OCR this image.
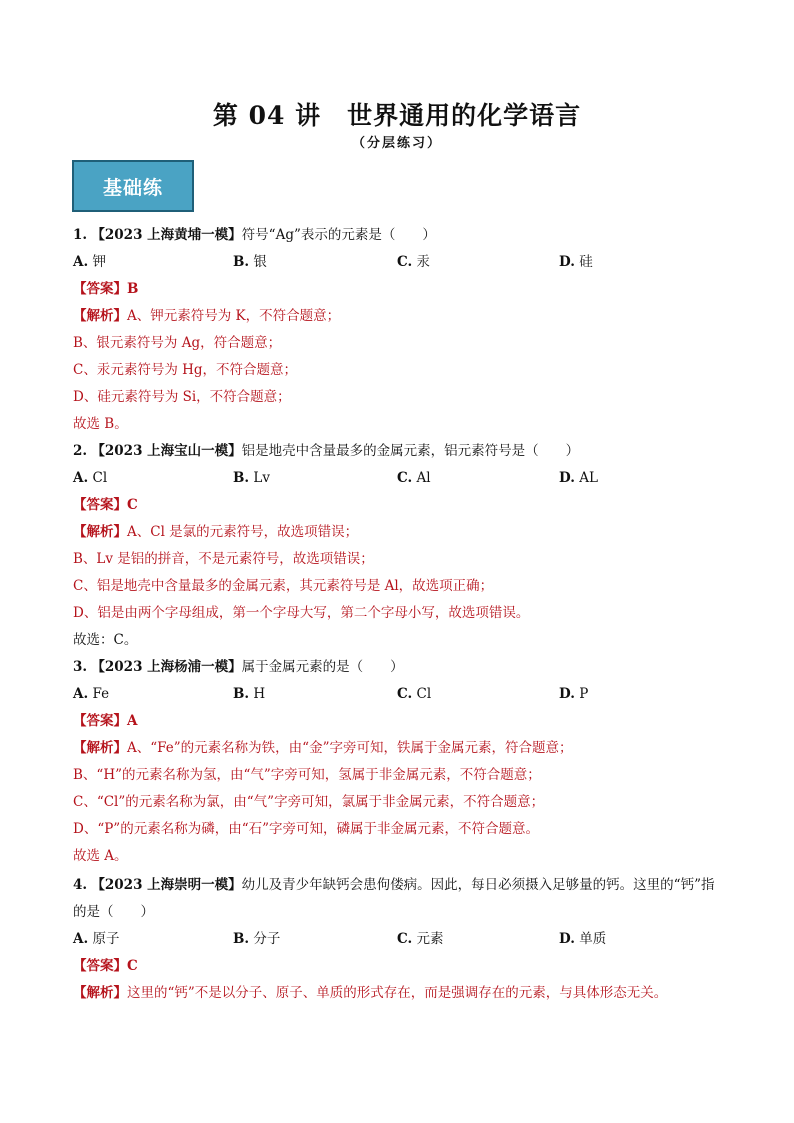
第 04 讲　世界通用的化学语言
（分层练习）
基础练
1. 【2023 上海黄埔一模】符号“Ag”表示的元素是（　　）
A. 钾	B. 银	C. 汞	D. 硅
【答案】B
【解析】A、钾元素符号为 K，不符合题意；
B、银元素符号为 Ag，符合题意；
C、汞元素符号为 Hg，不符合题意；
D、硅元素符号为 Si，不符合题意；
故选 B。
2. 【2023 上海宝山一模】铝是地壳中含量最多的金属元素，铝元素符号是（　　）
A. Cl	B. Lv	C. Al	D. AL
【答案】C
【解析】A、Cl 是氯的元素符号，故选项错误；
B、Lv 是铝的拼音，不是元素符号，故选项错误；
C、铝是地壳中含量最多的金属元素，其元素符号是 Al，故选项正确；
D、铝是由两个字母组成，第一个字母大写，第二个字母小写，故选项错误。
故选：C。
3. 【2023 上海杨浦一模】属于金属元素的是（　　）
A. Fe	B. H	C. Cl	D. P
【答案】A
【解析】A、“Fe”的元素名称为铁，由“金”字旁可知，铁属于金属元素，符合题意；
B、“H”的元素名称为氢，由“气”字旁可知，氢属于非金属元素，不符合题意；
C、“Cl”的元素名称为氯，由“气”字旁可知，氯属于非金属元素，不符合题意；
D、“P”的元素名称为磷，由“石”字旁可知，磷属于非金属元素，不符合题意。
故选 A。
4. 【2023 上海崇明一模】幼儿及青少年缺钙会患佝偻病。因此，每日必须摄入足够量的钙。这里的“钙”指
的是（　　）
A. 原子	B. 分子	C. 元素	D. 单质
【答案】C
【解析】这里的“钙”不是以分子、原子、单质的形式存在，而是强调存在的元素，与具体形态无关。
